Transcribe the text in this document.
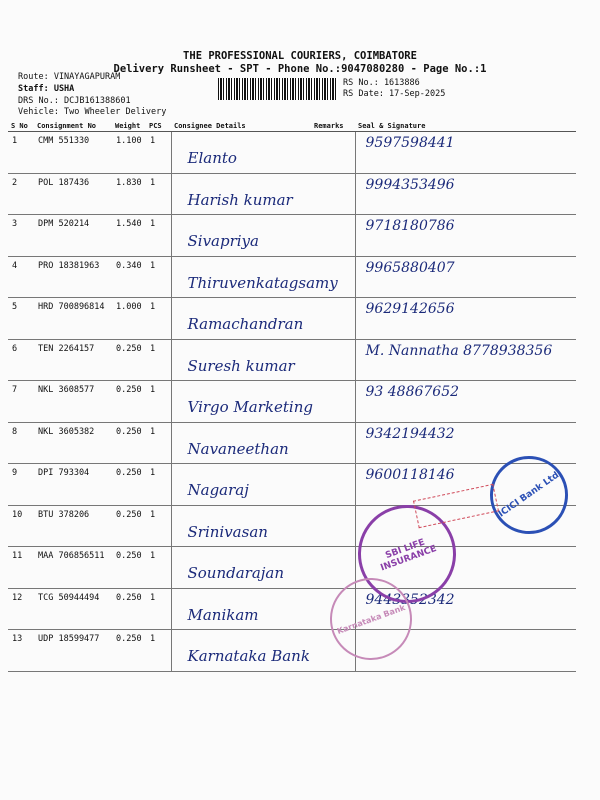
THE PROFESSIONAL COURIERS, COIMBATORE
Delivery Runsheet - SPT - Phone No.:9047080280 - Page No.:1
Route: VINAYAGAPURAM
Staff: USHA
DRS No.: DCJB161388601
Vehicle: Two Wheeler Delivery
RS No.: 1613886
RS Date: 17-Sep-2025
S No	Consignment No	Weight	PCS	Consignee Details	Remarks	Seal & Signature
1	CMM 551330	1.100	1	Elanto		9597598441

2	POL 187436	1.830	1	Harish kumar		9994353496

3	DPM 520214	1.540	1	Sivapriya		9718180786

4	PRO 18381963	0.340	1	Thiruvenkatagsamy		9965880407

5	HRD 700896814	1.000	1	Ramachandran		9629142656

6	TEN 2264157	0.250	1	Suresh kumar		M. Nannatha 8778938356

7	NKL 3608577	0.250	1	Virgo Marketing		93 48867652

8	NKL 3605382	0.250	1	Navaneethan		9342194432

9	DPI 793304	0.250	1	Nagaraj		9600118146

10	BTU 378206	0.250	1	Srinivasan		

11	MAA 706856511	0.250	1	Soundarajan		

12	TCG 50944494	0.250	1	Manikam		9443352342

13	UDP 18599477	0.250	1	Karnataka Bank		

ICICI Bank Ltd
SBI LIFE INSURANCE
Karnataka Bank
